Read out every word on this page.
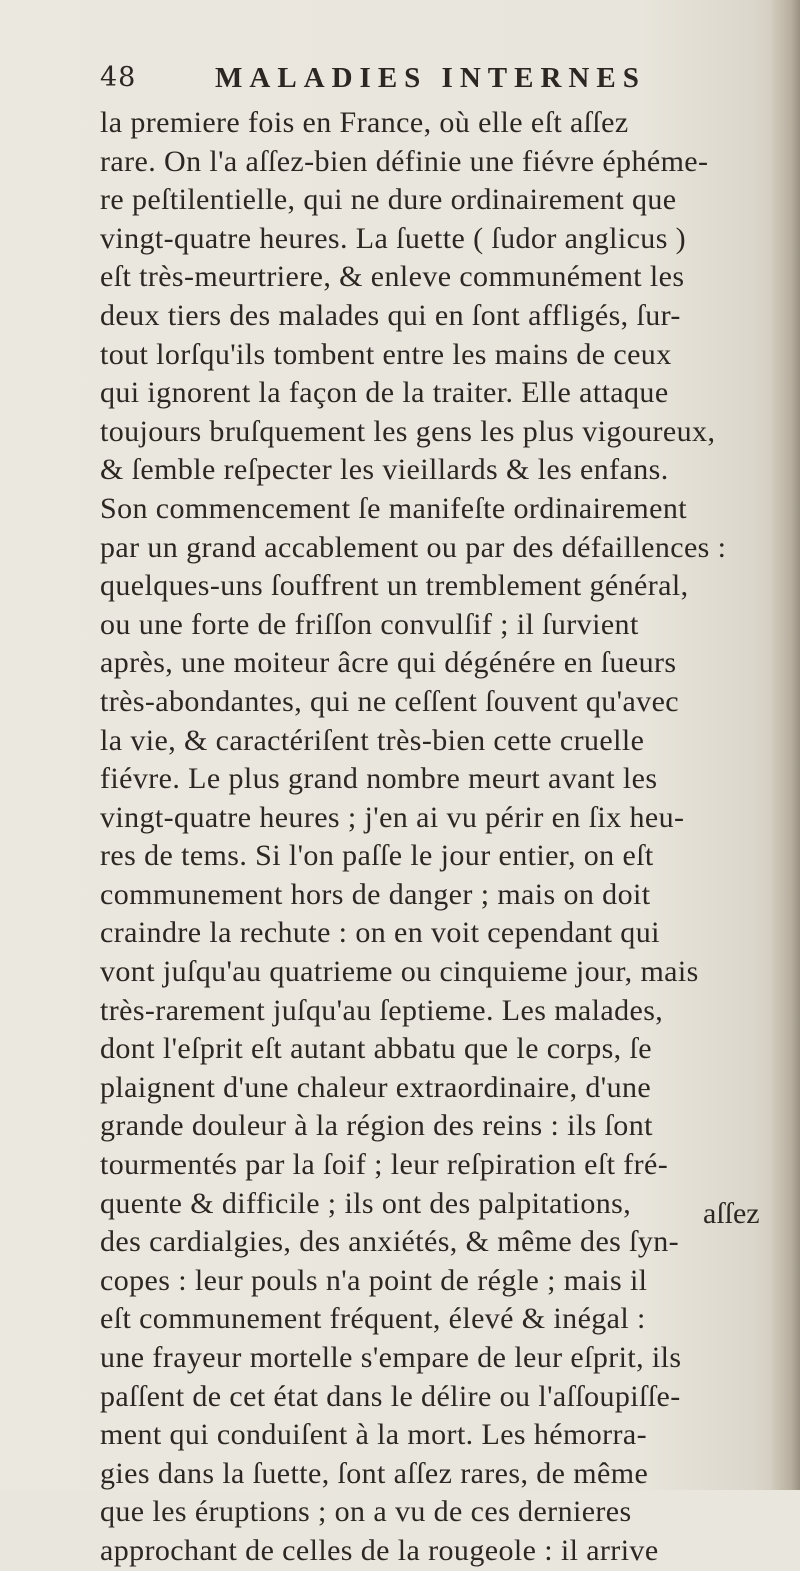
48	MALADIES INTERNES
la premiere fois en France, où elle eſt aſſez
rare. On l'a aſſez-bien définie une fiévre éphéme-
re peſtilentielle, qui ne dure ordinairement que
vingt-quatre heures. La ſuette ( ſudor anglicus )
eſt très-meurtriere, & enleve communément les
deux tiers des malades qui en ſont affligés, ſur-
tout lorſqu'ils tombent entre les mains de ceux
qui ignorent la façon de la traiter. Elle attaque
toujours bruſquement les gens les plus vigoureux,
& ſemble reſpecter les vieillards & les enfans.
Son commencement ſe manifeſte ordinairement
par un grand accablement ou par des défaillences :
quelques-uns ſouffrent un tremblement général,
ou une forte de friſſon convulſif ; il ſurvient
après, une moiteur âcre qui dégénére en ſueurs
très-abondantes, qui ne ceſſent ſouvent qu'avec
la vie, & caractériſent très-bien cette cruelle
fiévre. Le plus grand nombre meurt avant les
vingt-quatre heures ; j'en ai vu périr en ſix heu-
res de tems. Si l'on paſſe le jour entier, on eſt
communement hors de danger ; mais on doit
craindre la rechute : on en voit cependant qui
vont juſqu'au quatrieme ou cinquieme jour, mais
très-rarement juſqu'au ſeptieme. Les malades,
dont l'eſprit eſt autant abbatu que le corps, ſe
plaignent d'une chaleur extraordinaire, d'une
grande douleur à la région des reins : ils ſont
tourmentés par la ſoif ; leur reſpiration eſt fré-
quente & difficile ; ils ont des palpitations,
des cardialgies, des anxiétés, & même des ſyn-
copes : leur pouls n'a point de régle ; mais il
eſt communement fréquent, élevé & inégal :
une frayeur mortelle s'empare de leur eſprit, ils
paſſent de cet état dans le délire ou l'aſſoupiſſe-
ment qui conduiſent à la mort. Les hémorra-
gies dans la ſuette, ſont aſſez rares, de même
que les éruptions ; on a vu de ces dernieres
approchant de celles de la rougeole : il arrive
aſſez
